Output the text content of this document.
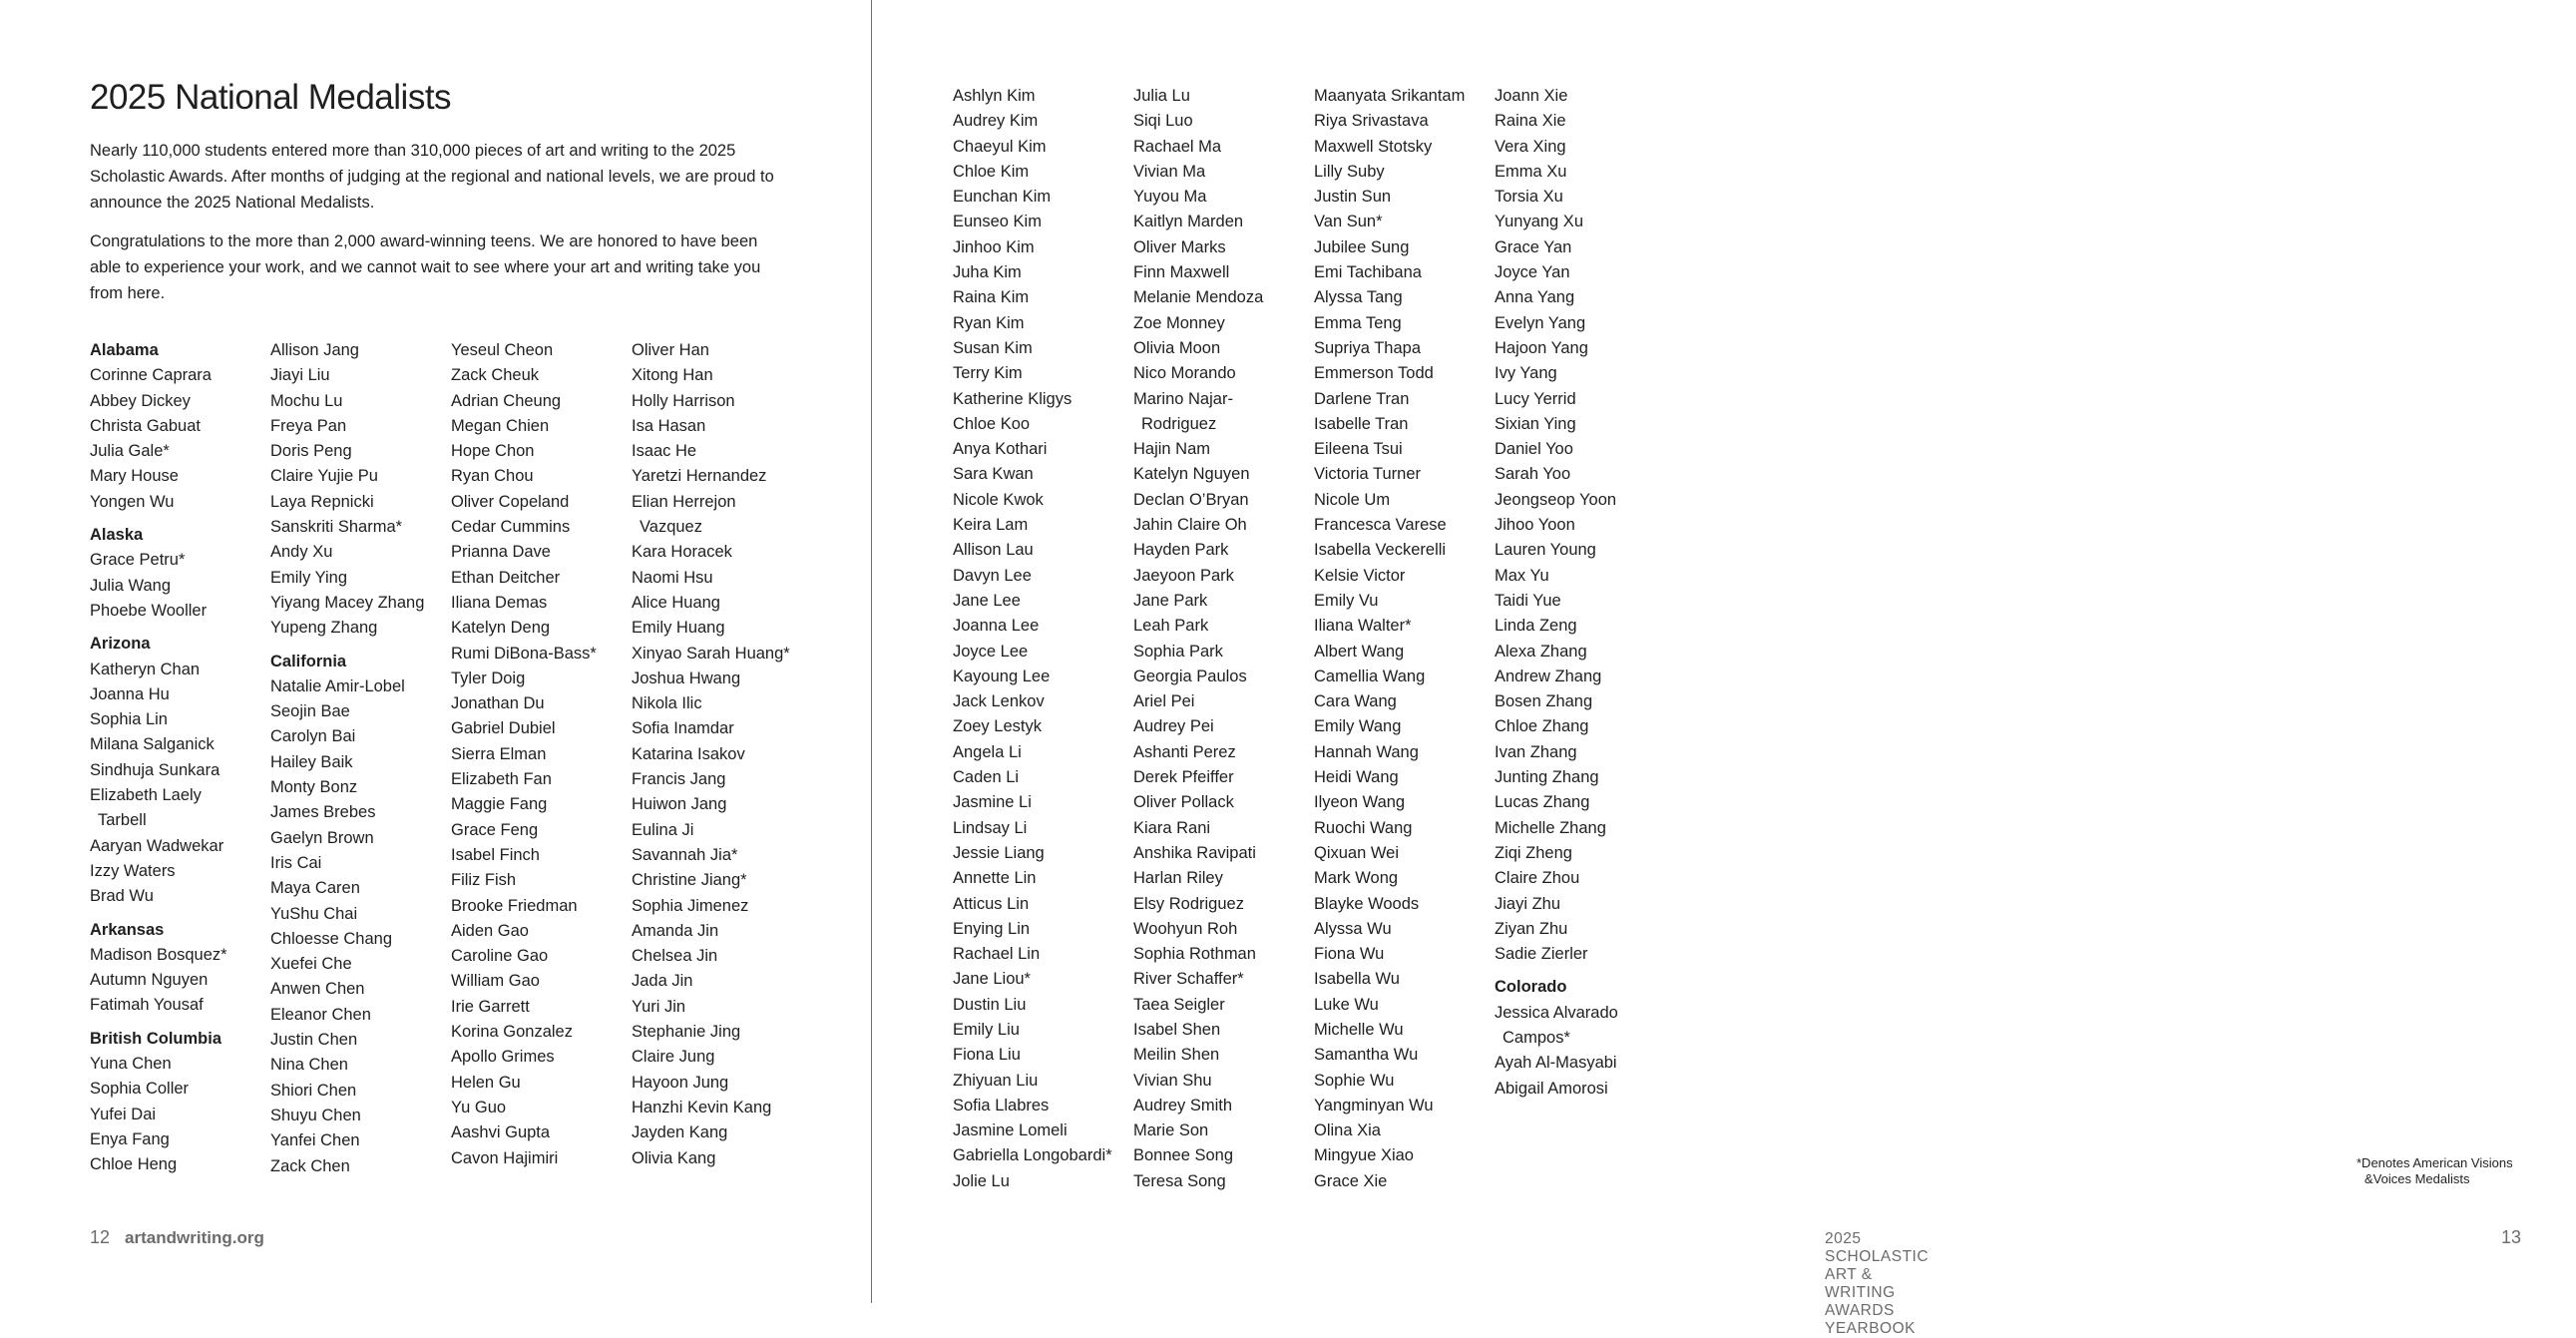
2025 National Medalists

Nearly 110,000 students entered more than 310,000 pieces of art and writing to the 2025 Scholastic Awards. After months of judging at the regional and national levels, we are proud to announce the 2025 National Medalists.

Congratulations to the more than 2,000 award-winning teens. We are honored to have been able to experience your work, and we cannot wait to see where your art and writing take you from here.

12 artandwriting.org	2025 SCHOLASTIC ART & WRITING AWARDS YEARBOOK
13
*Denotes American Visions
&Voices Medalists
Alabama
Corinne Caprara
Abbey Dickey
Christa Gabuat
Julia Gale*
Mary House
Yongen Wu
Alaska
Grace Petru*
Julia Wang
Phoebe Wooller
Arizona
Katheryn Chan
Joanna Hu
Sophia Lin
Milana Salganick
Sindhuja Sunkara
Elizabeth Laely
Tarbell
Aaryan Wadwekar
Izzy Waters
Brad Wu
Arkansas
Madison Bosquez*
Autumn Nguyen
Fatimah Yousaf
British Columbia
Yuna Chen
Sophia Coller
Yufei Dai
Enya Fang
Chloe Heng
Allison Jang
Jiayi Liu
Mochu Lu
Freya Pan
Doris Peng
Claire Yujie Pu
Laya Repnicki
Sanskriti Sharma*
Andy Xu
Emily Ying
Yiyang Macey Zhang
Yupeng Zhang
California
Natalie Amir-Lobel
Seojin Bae
Carolyn Bai
Hailey Baik
Monty Bonz
James Brebes
Gaelyn Brown
Iris Cai
Maya Caren
YuShu Chai
Chloesse Chang
Xuefei Che
Anwen Chen
Eleanor Chen
Justin Chen
Nina Chen
Shiori Chen
Shuyu Chen
Yanfei Chen
Zack Chen
Yeseul Cheon
Zack Cheuk
Adrian Cheung
Megan Chien
Hope Chon
Ryan Chou
Oliver Copeland
Cedar Cummins
Prianna Dave
Ethan Deitcher
Iliana Demas
Katelyn Deng
Rumi DiBona-Bass*
Tyler Doig
Jonathan Du
Gabriel Dubiel
Sierra Elman
Elizabeth Fan
Maggie Fang
Grace Feng
Isabel Finch
Filiz Fish
Brooke Friedman
Aiden Gao
Caroline Gao
William Gao
Irie Garrett
Korina Gonzalez
Apollo Grimes
Helen Gu
Yu Guo
Aashvi Gupta
Cavon Hajimiri
Oliver Han
Xitong Han
Holly Harrison
Isa Hasan
Isaac He
Yaretzi Hernandez
Elian Herrejon
Vazquez
Kara Horacek
Naomi Hsu
Alice Huang
Emily Huang
Xinyao Sarah Huang*
Joshua Hwang
Nikola Ilic
Sofia Inamdar
Katarina Isakov
Francis Jang
Huiwon Jang
Eulina Ji
Savannah Jia*
Christine Jiang*
Sophia Jimenez
Amanda Jin
Chelsea Jin
Jada Jin
Yuri Jin
Stephanie Jing
Claire Jung
Hayoon Jung
Hanzhi Kevin Kang
Jayden Kang
Olivia Kang
Ashlyn Kim
Audrey Kim
Chaeyul Kim
Chloe Kim
Eunchan Kim
Eunseo Kim
Jinhoo Kim
Juha Kim
Raina Kim
Ryan Kim
Susan Kim
Terry Kim
Katherine Kligys
Chloe Koo
Anya Kothari
Sara Kwan
Nicole Kwok
Keira Lam
Allison Lau
Davyn Lee
Jane Lee
Joanna Lee
Joyce Lee
Kayoung Lee
Jack Lenkov
Zoey Lestyk
Angela Li
Caden Li
Jasmine Li
Lindsay Li
Jessie Liang
Annette Lin
Atticus Lin
Enying Lin
Rachael Lin
Jane Liou*
Dustin Liu
Emily Liu
Fiona Liu
Zhiyuan Liu
Sofia Llabres
Jasmine Lomeli
Gabriella Longobardi*
Jolie Lu
Julia Lu
Siqi Luo
Rachael Ma
Vivian Ma
Yuyou Ma
Kaitlyn Marden
Oliver Marks
Finn Maxwell
Melanie Mendoza
Zoe Monney
Olivia Moon
Nico Morando
Marino Najar-
Rodriguez
Hajin Nam
Katelyn Nguyen
Declan O’Bryan
Jahin Claire Oh
Hayden Park
Jaeyoon Park
Jane Park
Leah Park
Sophia Park
Georgia Paulos
Ariel Pei
Audrey Pei
Ashanti Perez
Derek Pfeiffer
Oliver Pollack
Kiara Rani
Anshika Ravipati
Harlan Riley
Elsy Rodriguez
Woohyun Roh
Sophia Rothman
River Schaffer*
Taea Seigler
Isabel Shen
Meilin Shen
Vivian Shu
Audrey Smith
Marie Son
Bonnee Song
Teresa Song
Maanyata Srikantam
Riya Srivastava
Maxwell Stotsky
Lilly Suby
Justin Sun
Van Sun*
Jubilee Sung
Emi Tachibana
Alyssa Tang
Emma Teng
Supriya Thapa
Emmerson Todd
Darlene Tran
Isabelle Tran
Eileena Tsui
Victoria Turner
Nicole Um
Francesca Varese
Isabella Veckerelli
Kelsie Victor
Emily Vu
Iliana Walter*
Albert Wang
Camellia Wang
Cara Wang
Emily Wang
Hannah Wang
Heidi Wang
Ilyeon Wang
Ruochi Wang
Qixuan Wei
Mark Wong
Blayke Woods
Alyssa Wu
Fiona Wu
Isabella Wu
Luke Wu
Michelle Wu
Samantha Wu
Sophie Wu
Yangminyan Wu
Olina Xia
Mingyue Xiao
Grace Xie
Joann Xie
Raina Xie
Vera Xing
Emma Xu
Torsia Xu
Yunyang Xu
Grace Yan
Joyce Yan
Anna Yang
Evelyn Yang
Hajoon Yang
Ivy Yang
Lucy Yerrid
Sixian Ying
Daniel Yoo
Sarah Yoo
Jeongseop Yoon
Jihoo Yoon
Lauren Young
Max Yu
Taidi Yue
Linda Zeng
Alexa Zhang
Andrew Zhang
Bosen Zhang
Chloe Zhang
Ivan Zhang
Junting Zhang
Lucas Zhang
Michelle Zhang
Ziqi Zheng
Claire Zhou
Jiayi Zhu
Ziyan Zhu
Sadie Zierler
Colorado
Jessica Alvarado
Campos*
Ayah Al-Masyabi
Abigail Amorosi
